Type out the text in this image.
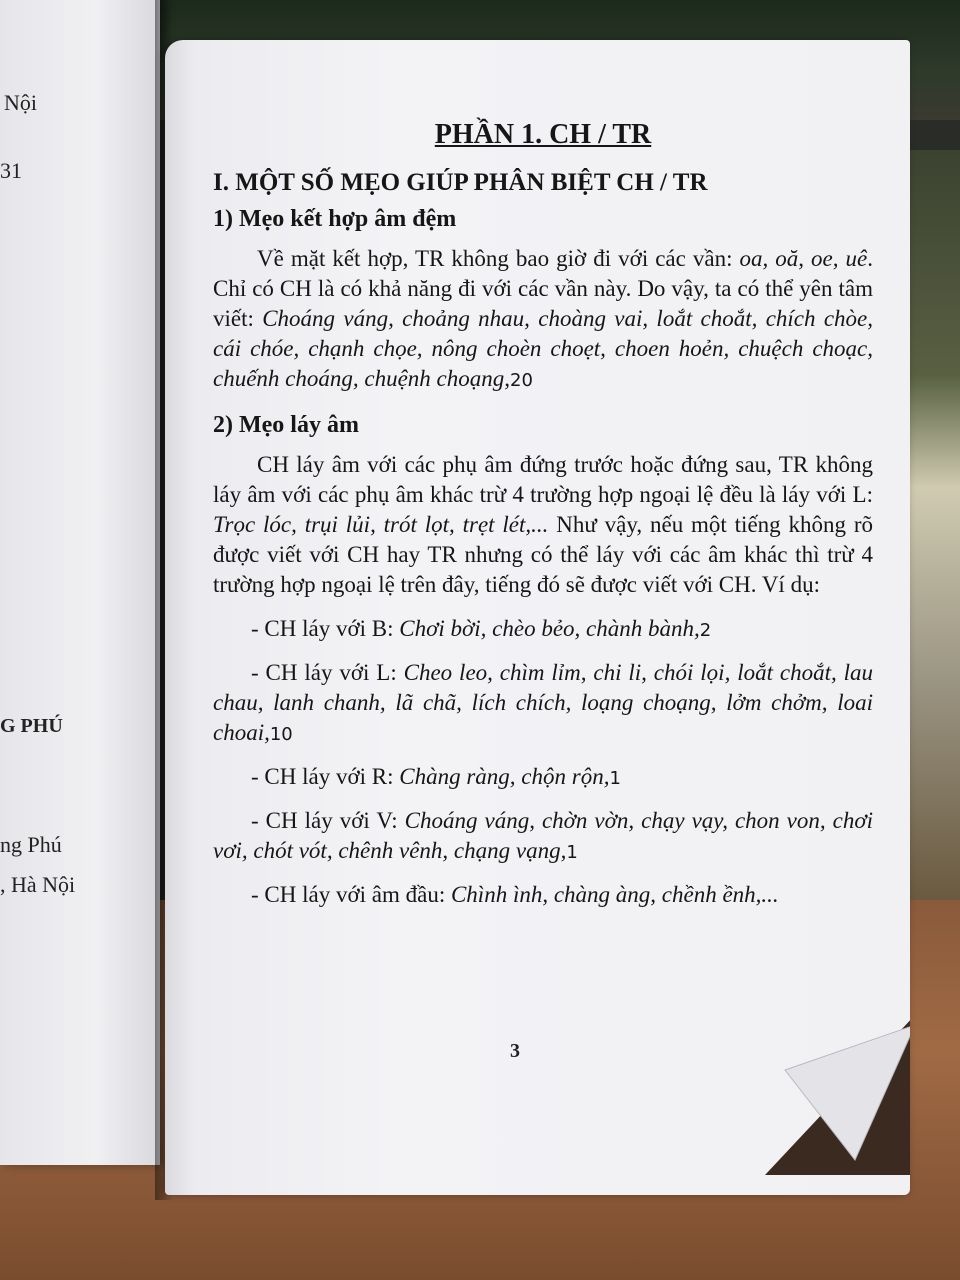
Nội
31
G PHÚ
ng Phú
, Hà Nội
PHẦN 1. CH / TR
I. MỘT SỐ MẸO GIÚP PHÂN BIỆT CH / TR
1) Mẹo kết hợp âm đệm
Về mặt kết hợp, TR không bao giờ đi với các vần: oa, oă, oe, uê. Chỉ có CH là có khả năng đi với các vần này. Do vậy, ta có thể yên tâm viết: Choáng váng, choảng nhau, choàng vai, loắt choắt, chích chòe, cái chóe, chạnh chọe, nông choèn choẹt, choen hoẻn, chuệch choạc, chuếnh choáng, chuệnh choạng,20
2) Mẹo láy âm
CH láy âm với các phụ âm đứng trước hoặc đứng sau, TR không láy âm với các phụ âm khác trừ 4 trường hợp ngoại lệ đều là láy với L: Trọc lóc, trụi lủi, trót lọt, trẹt lét,... Như vậy, nếu một tiếng không rõ được viết với CH hay TR nhưng có thể láy với các âm khác thì trừ 4 trường hợp ngoại lệ trên đây, tiếng đó sẽ được viết với CH. Ví dụ:
- CH láy với B: Chơi bời, chèo bẻo, chành bành,2
- CH láy với L: Cheo leo, chìm lỉm, chi li, chói lọi, loắt choắt, lau chau, lanh chanh, lã chã, lích chích, loạng choạng, lởm chởm, loai choai,10
- CH láy với R: Chàng ràng, chộn rộn,1
- CH láy với V: Choáng váng, chờn vờn, chạy vạy, chon von, chơi vơi, chót vót, chênh vênh, chạng vạng,1
- CH láy với âm đầu: Chình ình, chàng àng, chềnh ềnh,...
3
